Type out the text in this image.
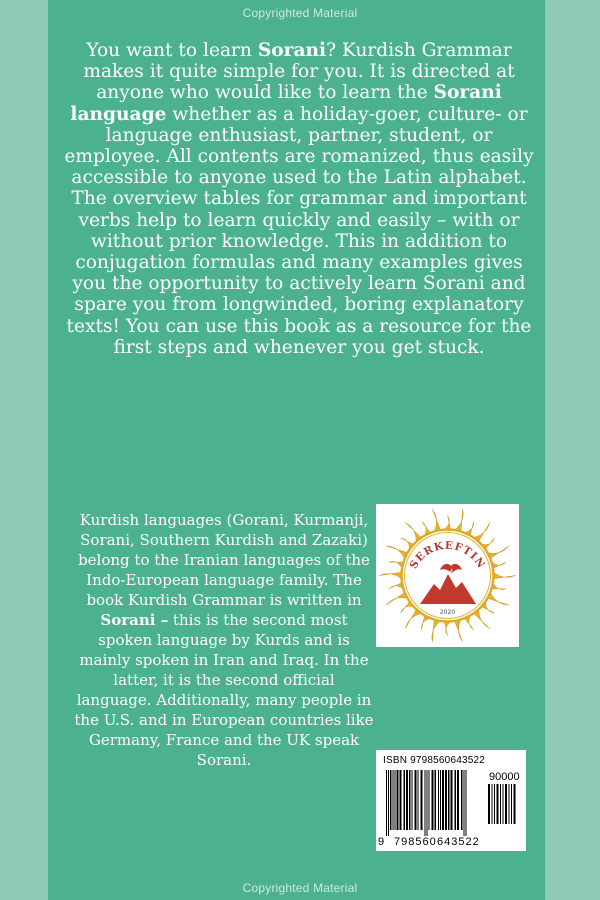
Copyrighted Material

You want to learn Sorani? Kurdish Grammar makes it quite simple for you. It is directed at anyone who would like to learn the Sorani language whether as a holiday-goer, culture- or language enthusiast, partner, student, or employee. All contents are romanized, thus easily accessible to anyone used to the Latin alphabet.

The overview tables for grammar and important verbs help to learn quickly and easily – with or without prior knowledge. This in addition to conjugation formulas and many examples gives you the opportunity to actively learn Sorani and spare you from longwinded, boring explanatory texts! You can use this book as a resource for the first steps and whenever you get stuck.

Kurdish languages (Gorani, Kurmanji, Sorani, Southern Kurdish and Zazaki) belong to the Iranian languages of the Indo-European language family. The book Kurdish Grammar is written in Sorani – this is the second most spoken language by Kurds and is mainly spoken in Iran and Iraq. In the latter, it is the second official language. Additionally, many people in the U.S. and in European countries like Germany, France and the UK speak Sorani.
SERKEFTIN
2020
ISBN 9798560643522
90000
9 798560 643522
Copyrighted Material
